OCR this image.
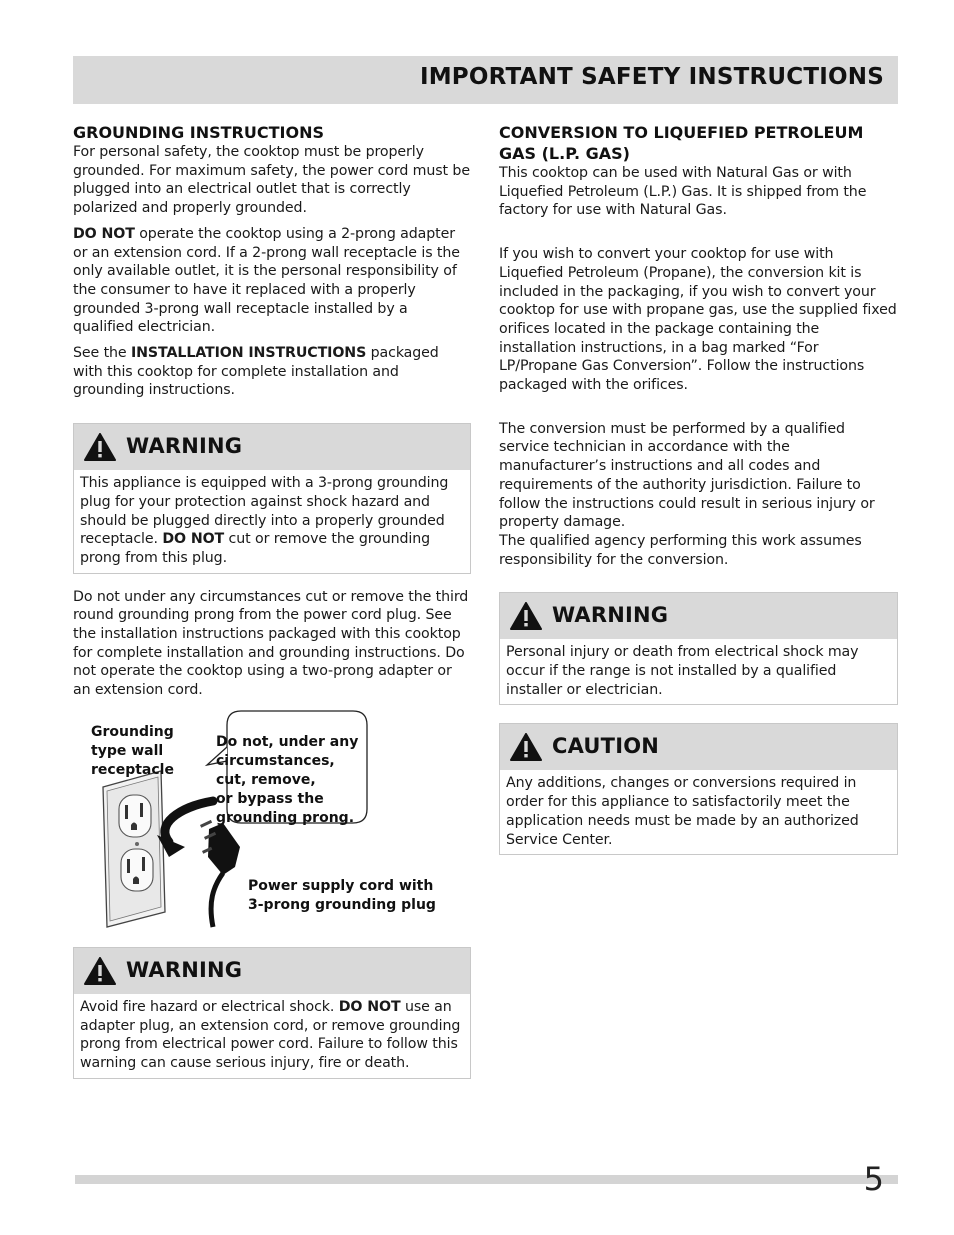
IMPORTANT SAFETY INSTRUCTIONS
GROUNDING INSTRUCTIONS

For personal safety, the cooktop must be properly grounded. For maximum safety, the power cord must be plugged into an electrical outlet that is correctly polarized and properly grounded.

DO NOT operate the cooktop using a 2-prong adapter or an extension cord. If a 2-prong wall receptacle is the only available outlet, it is the personal responsibility of the consumer to have it replaced with a properly grounded 3-prong wall receptacle installed by a qualified electrician.

See the INSTALLATION INSTRUCTIONS packaged with this cooktop for complete installation and grounding instructions.

WARNING
This appliance is equipped with a 3-prong grounding plug for your protection against shock hazard and should be plugged directly into a properly grounded receptacle. DO NOT cut or remove the grounding prong from this plug.

Do not under any circumstances cut or remove the third round grounding prong from the power cord plug. See the installation instructions packaged with this cooktop for complete installation and grounding instructions. Do not operate the cooktop using a two-prong adapter or an extension cord.

Grounding
type wall
receptacle
Do not, under any
circumstances,
cut, remove,
or bypass the
grounding prong.
Power supply cord with
3-prong grounding plug
WARNING
Avoid fire hazard or electrical shock. DO NOT use an adapter plug, an extension cord, or remove grounding prong from electrical power cord. Failure to follow this warning can cause serious injury, fire or death.
CONVERSION TO LIQUEFIED PETROLEUM GAS (L.P. GAS)

This cooktop can be used with Natural Gas or with Liquefied Petroleum (L.P.) Gas. It is shipped from the factory for use with Natural Gas.

If you wish to convert your cooktop for use with Liquefied Petroleum (Propane), the conversion kit is included in the packaging, if you wish to convert your cooktop for use with propane gas, use the supplied fixed orifices located in the package containing the installation instructions, in a bag marked “For LP/Propane Gas Conversion”. Follow the instructions packaged with the orifices.

The conversion must be performed by a qualified service technician in accordance with the manufacturer’s instructions and all codes and requirements of the authority jurisdiction. Failure to follow the instructions could result in serious injury or property damage.

The qualified agency performing this work assumes responsibility for the conversion.

WARNING
Personal injury or death from electrical shock may occur if the range is not installed by a qualified installer or electrician.
CAUTION
Any additions, changes or conversions required in order for this appliance to satisfactorily meet the application needs must be made by an authorized Service Center.
5
